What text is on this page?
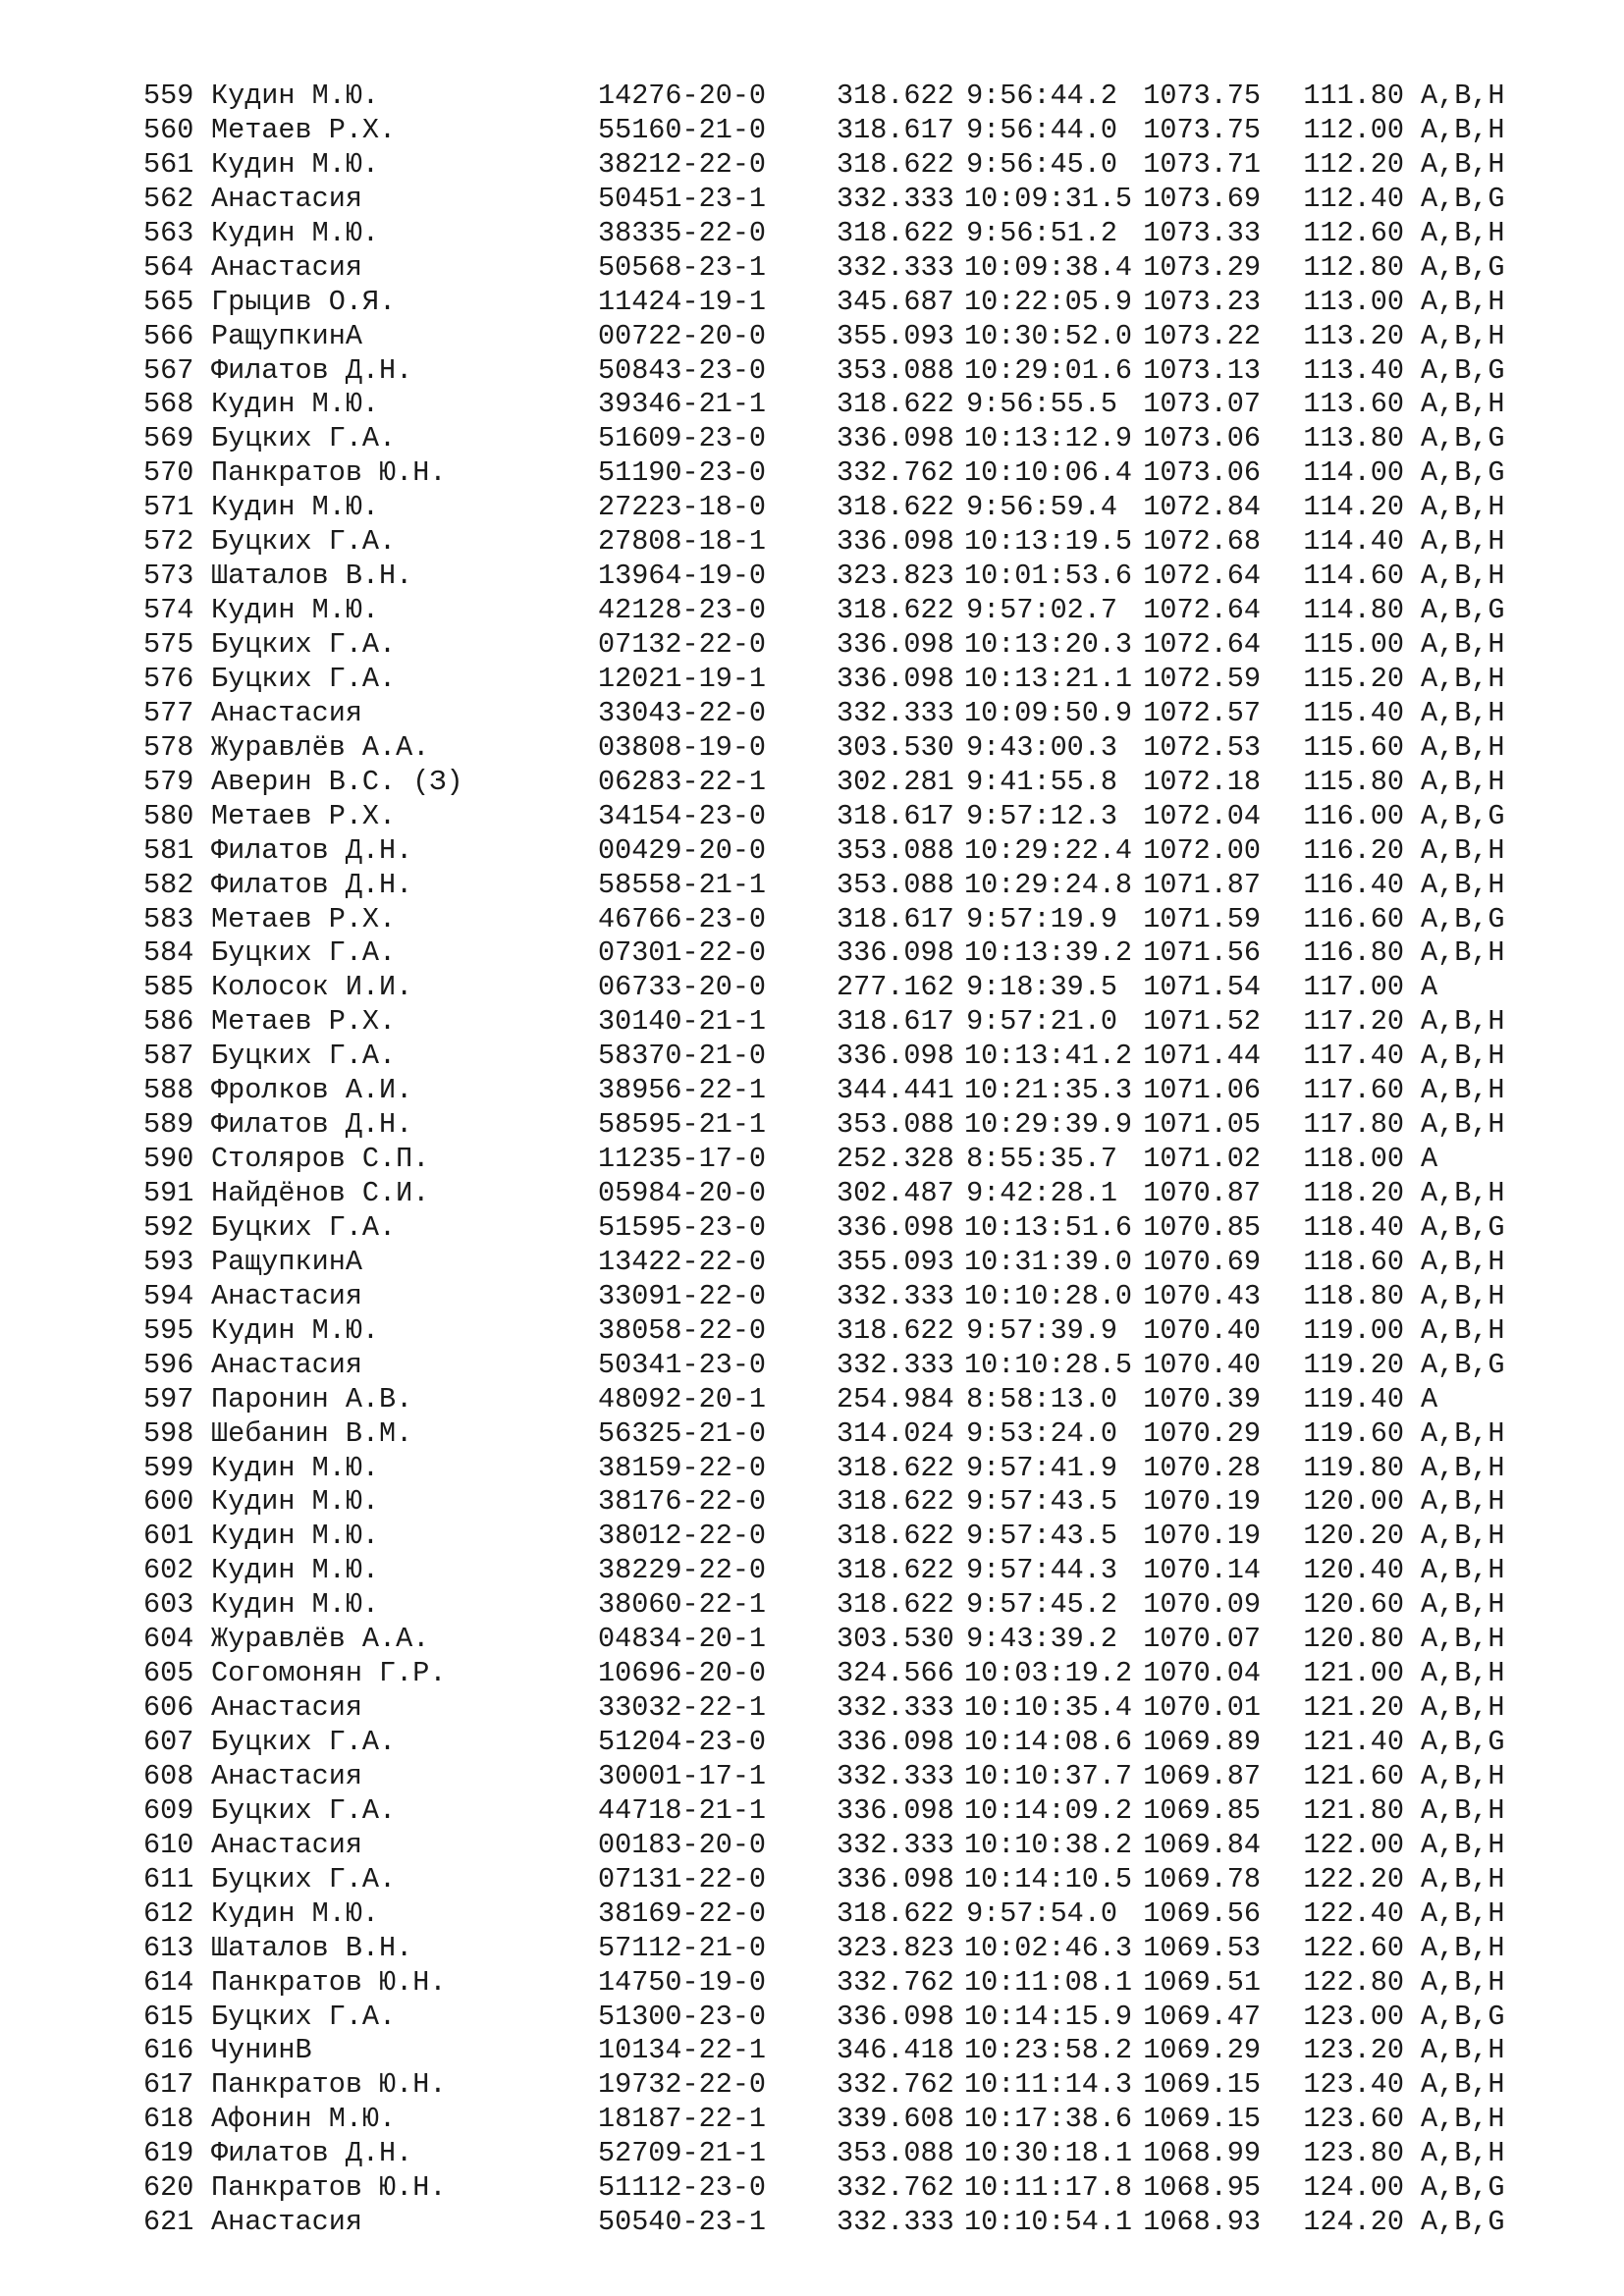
559 Кудин М.Ю.	14276-20-0	318.622 9:56:44.2 1073.75	111.80 A,B,H
560 Метаев Р.Х.	55160-21-0	318.617 9:56:44.0 1073.75	112.00 A,B,H
561 Кудин М.Ю.	38212-22-0	318.622 9:56:45.0 1073.71	112.20 A,B,H
562 Анастасия	50451-23-1	332.333 10:09:31.5 1073.69	112.40 A,B,G
563 Кудин М.Ю.	38335-22-0	318.622 9:56:51.2 1073.33	112.60 A,B,H
564 Анастасия	50568-23-1	332.333 10:09:38.4 1073.29	112.80 A,B,G
565 Грыцив О.Я.	11424-19-1	345.687 10:22:05.9 1073.23	113.00 A,B,H
566 РащупкинА	00722-20-0	355.093 10:30:52.0 1073.22	113.20 A,B,H
567 Филатов Д.Н.	50843-23-0	353.088 10:29:01.6 1073.13	113.40 A,B,G
568 Кудин М.Ю.	39346-21-1	318.622 9:56:55.5 1073.07	113.60 A,B,H
569 Буцких Г.А.	51609-23-0	336.098 10:13:12.9 1073.06	113.80 A,B,G
570 Панкратов Ю.Н.	51190-23-0	332.762 10:10:06.4 1073.06	114.00 A,B,G
571 Кудин М.Ю.	27223-18-0	318.622 9:56:59.4 1072.84	114.20 A,B,H
572 Буцких Г.А.	27808-18-1	336.098 10:13:19.5 1072.68	114.40 A,B,H
573 Шаталов В.Н.	13964-19-0	323.823 10:01:53.6 1072.64	114.60 A,B,H
574 Кудин М.Ю.	42128-23-0	318.622 9:57:02.7 1072.64	114.80 A,B,G
575 Буцких Г.А.	07132-22-0	336.098 10:13:20.3 1072.64	115.00 A,B,H
576 Буцких Г.А.	12021-19-1	336.098 10:13:21.1 1072.59	115.20 A,B,H
577 Анастасия	33043-22-0	332.333 10:09:50.9 1072.57	115.40 A,B,H
578 Журавлёв А.А.	03808-19-0	303.530 9:43:00.3 1072.53	115.60 A,B,H
579 Аверин В.С. (З)	06283-22-1	302.281 9:41:55.8 1072.18	115.80 A,B,H
580 Метаев Р.Х.	34154-23-0	318.617 9:57:12.3 1072.04	116.00 A,B,G
581 Филатов Д.Н.	00429-20-0	353.088 10:29:22.4 1072.00	116.20 A,B,H
582 Филатов Д.Н.	58558-21-1	353.088 10:29:24.8 1071.87	116.40 A,B,H
583 Метаев Р.Х.	46766-23-0	318.617 9:57:19.9 1071.59	116.60 A,B,G
584 Буцких Г.А.	07301-22-0	336.098 10:13:39.2 1071.56	116.80 A,B,H
585 Колосок И.И.	06733-20-0	277.162 9:18:39.5 1071.54	117.00 A
586 Метаев Р.Х.	30140-21-1	318.617 9:57:21.0 1071.52	117.20 A,B,H
587 Буцких Г.А.	58370-21-0	336.098 10:13:41.2 1071.44	117.40 A,B,H
588 Фролков А.И.	38956-22-1	344.441 10:21:35.3 1071.06	117.60 A,B,H
589 Филатов Д.Н.	58595-21-1	353.088 10:29:39.9 1071.05	117.80 A,B,H
590 Столяров С.П.	11235-17-0	252.328 8:55:35.7 1071.02	118.00 A
591 Найдёнов С.И.	05984-20-0	302.487 9:42:28.1 1070.87	118.20 A,B,H
592 Буцких Г.А.	51595-23-0	336.098 10:13:51.6 1070.85	118.40 A,B,G
593 РащупкинА	13422-22-0	355.093 10:31:39.0 1070.69	118.60 A,B,H
594 Анастасия	33091-22-0	332.333 10:10:28.0 1070.43	118.80 A,B,H
595 Кудин М.Ю.	38058-22-0	318.622 9:57:39.9 1070.40	119.00 A,B,H
596 Анастасия	50341-23-0	332.333 10:10:28.5 1070.40	119.20 A,B,G
597 Паронин А.В.	48092-20-1	254.984 8:58:13.0 1070.39	119.40 A
598 Шебанин В.М.	56325-21-0	314.024 9:53:24.0 1070.29	119.60 A,B,H
599 Кудин М.Ю.	38159-22-0	318.622 9:57:41.9 1070.28	119.80 A,B,H
600 Кудин М.Ю.	38176-22-0	318.622 9:57:43.5 1070.19	120.00 A,B,H
601 Кудин М.Ю.	38012-22-0	318.622 9:57:43.5 1070.19	120.20 A,B,H
602 Кудин М.Ю.	38229-22-0	318.622 9:57:44.3 1070.14	120.40 A,B,H
603 Кудин М.Ю.	38060-22-1	318.622 9:57:45.2 1070.09	120.60 A,B,H
604 Журавлёв А.А.	04834-20-1	303.530 9:43:39.2 1070.07	120.80 A,B,H
605 Согомонян Г.Р.	10696-20-0	324.566 10:03:19.2 1070.04	121.00 A,B,H
606 Анастасия	33032-22-1	332.333 10:10:35.4 1070.01	121.20 A,B,H
607 Буцких Г.А.	51204-23-0	336.098 10:14:08.6 1069.89	121.40 A,B,G
608 Анастасия	30001-17-1	332.333 10:10:37.7 1069.87	121.60 A,B,H
609 Буцких Г.А.	44718-21-1	336.098 10:14:09.2 1069.85	121.80 A,B,H
610 Анастасия	00183-20-0	332.333 10:10:38.2 1069.84	122.00 A,B,H
611 Буцких Г.А.	07131-22-0	336.098 10:14:10.5 1069.78	122.20 A,B,H
612 Кудин М.Ю.	38169-22-0	318.622 9:57:54.0 1069.56	122.40 A,B,H
613 Шаталов В.Н.	57112-21-0	323.823 10:02:46.3 1069.53	122.60 A,B,H
614 Панкратов Ю.Н.	14750-19-0	332.762 10:11:08.1 1069.51	122.80 A,B,H
615 Буцких Г.А.	51300-23-0	336.098 10:14:15.9 1069.47	123.00 A,B,G
616 ЧунинВ	10134-22-1	346.418 10:23:58.2 1069.29	123.20 A,B,H
617 Панкратов Ю.Н.	19732-22-0	332.762 10:11:14.3 1069.15	123.40 A,B,H
618 Афонин М.Ю.	18187-22-1	339.608 10:17:38.6 1069.15	123.60 A,B,H
619 Филатов Д.Н.	52709-21-1	353.088 10:30:18.1 1068.99	123.80 A,B,H
620 Панкратов Ю.Н.	51112-23-0	332.762 10:11:17.8 1068.95	124.00 A,B,G
621 Анастасия	50540-23-1	332.333 10:10:54.1 1068.93	124.20 A,B,G
